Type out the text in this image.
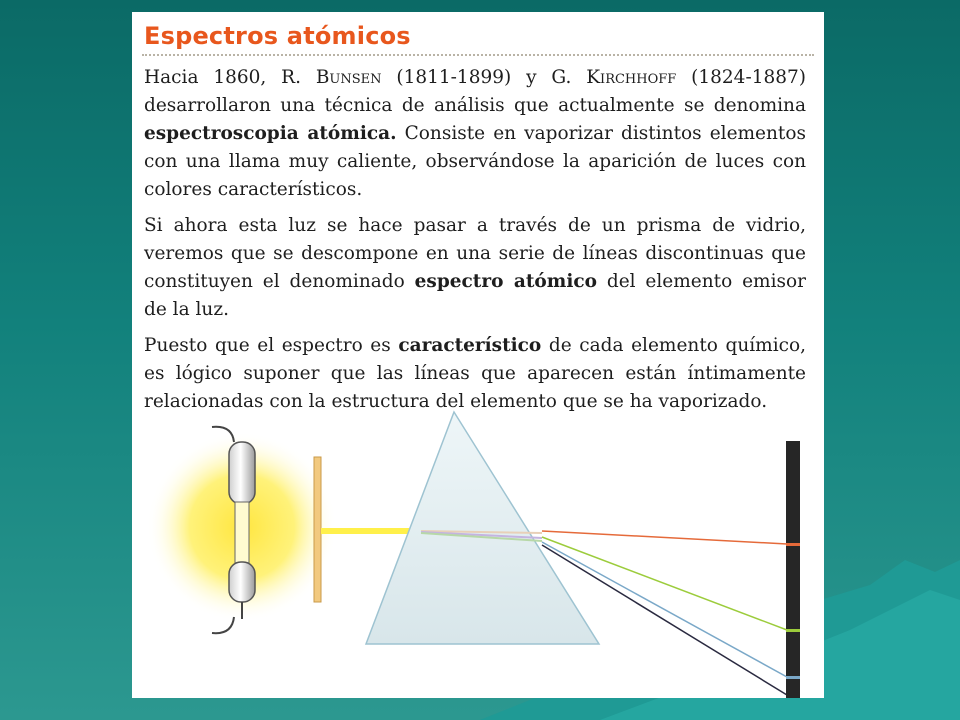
Espectros atómicos

Hacia 1860, R. Bunsen (1811-1899) y G. Kirchhoff (1824-1887) desarrollaron una técnica de análisis que actualmente se denomina espectroscopia atómica. Consiste en vaporizar distintos elementos con una llama muy caliente, observándose la aparición de luces con colores característicos.

Si ahora esta luz se hace pasar a través de un prisma de vidrio, veremos que se descompone en una serie de líneas discontinuas que constituyen el denominado espectro atómico del elemento emisor de la luz.

Puesto que el espectro es característico de cada elemento químico, es lógico suponer que las líneas que aparecen están íntimamente relacionadas con la estructura del elemento que se ha vaporizado.
